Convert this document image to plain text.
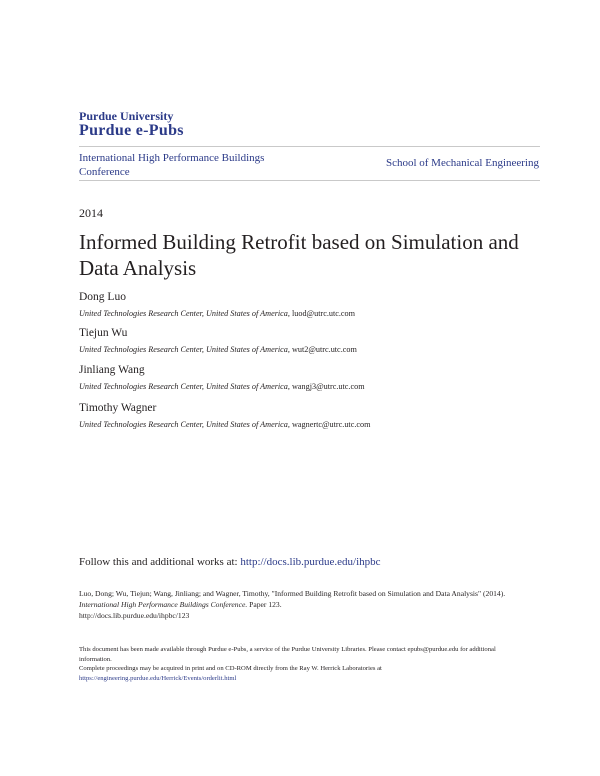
Purdue University
Purdue e-Pubs
International High Performance Buildings Conference
School of Mechanical Engineering
2014
Informed Building Retrofit based on Simulation and Data Analysis
Dong Luo
United Technologies Research Center, United States of America, luod@utrc.utc.com
Tiejun Wu
United Technologies Research Center, United States of America, wut2@utrc.utc.com
Jinliang Wang
United Technologies Research Center, United States of America, wangj3@utrc.utc.com
Timothy Wagner
United Technologies Research Center, United States of America, wagnertc@utrc.utc.com
Follow this and additional works at: http://docs.lib.purdue.edu/ihpbc
Luo, Dong; Wu, Tiejun; Wang, Jinliang; and Wagner, Timothy, "Informed Building Retrofit based on Simulation and Data Analysis" (2014). International High Performance Buildings Conference. Paper 123.
http://docs.lib.purdue.edu/ihpbc/123
This document has been made available through Purdue e-Pubs, a service of the Purdue University Libraries. Please contact epubs@purdue.edu for additional information.
Complete proceedings may be acquired in print and on CD-ROM directly from the Ray W. Herrick Laboratories at https://engineering.purdue.edu/Herrick/Events/orderlit.html
